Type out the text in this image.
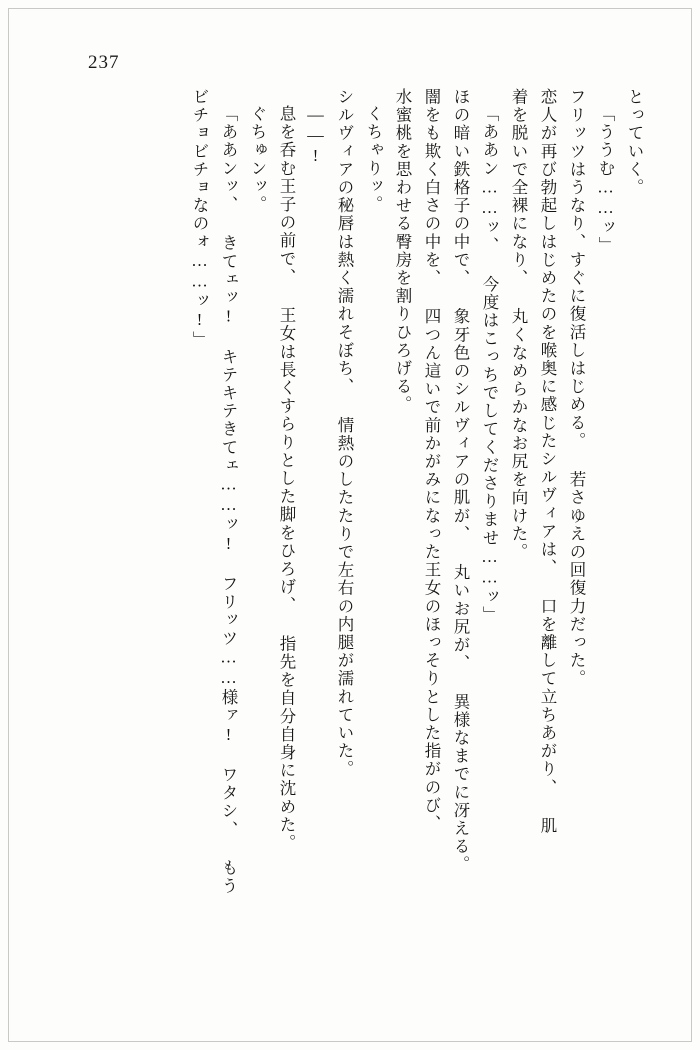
237
とっていく。
「ううむ……ッ」
フリッツはうなり、すぐに復活しはじめる。 若さゆえの回復力だった。
恋人が再び勃起しはじめたのを喉奥に感じたシルヴィアは、 口を離して立ちあがり、 肌
着を脱いで全裸になり、 丸くなめらかなお尻を向けた。
「ああン……ッ、 今度はこっちでしてくださりませ……ッ」
ほの暗い鉄格子の中で、 象牙色のシルヴィアの肌が、 丸いお尻が、 異様なまでに冴える。
闇をも欺く白さの中を、 四つん這いで前かがみになった王女のほっそりとした指がのび、
水蜜桃を思わせる臀房を割りひろげる。
くちゃりッ。
シルヴィアの秘唇は熱く濡れそぼち、 情熱のしたたりで左右の内腿が濡れていた。
——!
息を呑む王子の前で、 王女は長くすらりとした脚をひろげ、 指先を自分自身に沈めた。
ぐちゅンッ。
「ああンッ、 きてェッ! キテキテきてェ……ッ! フリッツ……様ァ! ワタシ、 もう
ビチョビチョなのォ……ッ!」
